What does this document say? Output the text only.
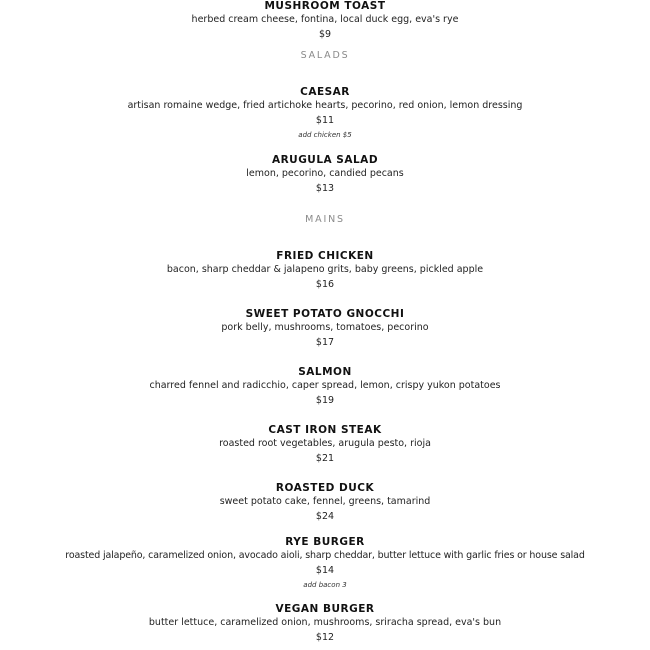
MUSHROOM TOAST
herbed cream cheese, fontina, local duck egg, eva's rye
$9
SALADS
CAESAR
artisan romaine wedge, fried artichoke hearts, pecorino, red onion, lemon dressing
$11
add chicken $5
ARUGULA SALAD
lemon, pecorino, candied pecans
$13
MAINS
FRIED CHICKEN
bacon, sharp cheddar & jalapeno grits, baby greens, pickled apple
$16
SWEET POTATO GNOCCHI
pork belly, mushrooms, tomatoes, pecorino
$17
SALMON
charred fennel and radicchio, caper spread, lemon, crispy yukon potatoes
$19
CAST IRON STEAK
roasted root vegetables, arugula pesto, rioja
$21
ROASTED DUCK
sweet potato cake, fennel, greens, tamarind
$24
RYE BURGER
roasted jalapeño, caramelized onion, avocado aioli, sharp cheddar, butter lettuce with garlic fries or house salad
$14
add bacon 3
VEGAN BURGER
butter lettuce, caramelized onion, mushrooms, sriracha spread, eva's bun
$12
